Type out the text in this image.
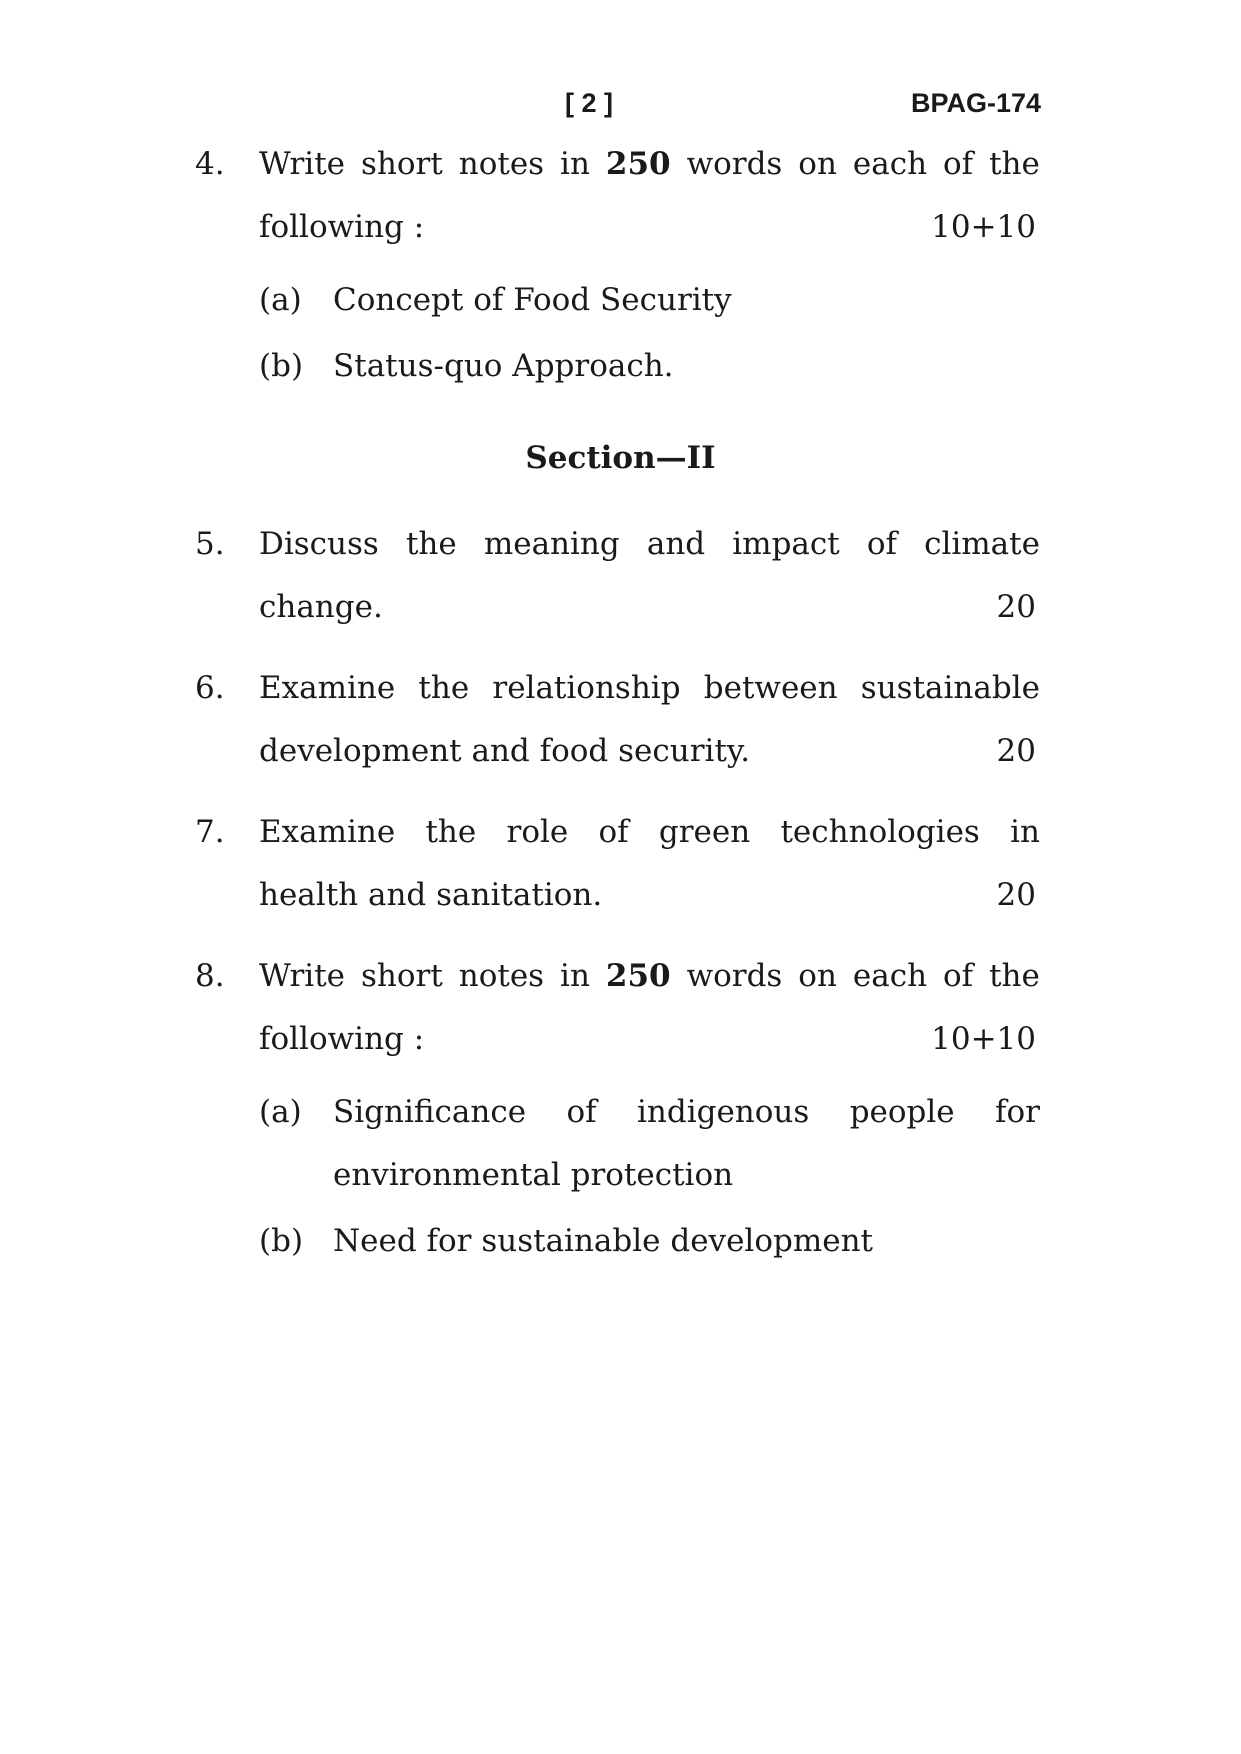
[ 2 ]	BPAG-174
4. Write short notes in 250 words on each of the
following :	10+10
(a) Concept of Food Security
(b) Status-quo Approach.
Section—II
5. Discuss the meaning and impact of climate
change.	20
6. Examine the relationship between sustainable
development and food security.	20
7. Examine the role of green technologies in
health and sanitation.	20
8. Write short notes in 250 words on each of the
following :	10+10
(a) Significance of indigenous people for
environmental protection
(b) Need for sustainable development
